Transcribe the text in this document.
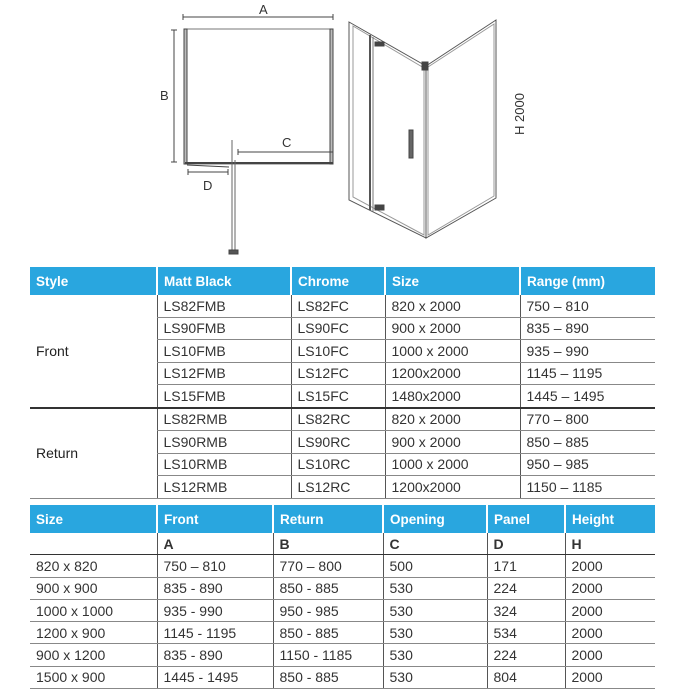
A
B
C
D
H 2000
Style	Matt Black	Chrome	Size	Range (mm)
Front	LS82FMB	LS82FC	820 x 2000	750 – 810
	LS90FMB	LS90FC	900 x 2000	835 – 890
	LS10FMB	LS10FC	1000 x 2000	935 – 990
	LS12FMB	LS12FC	1200x2000	1145 – 1195
	LS15FMB	LS15FC	1480x2000	1445 – 1495
Return	LS82RMB	LS82RC	820 x 2000	770 – 800
	LS90RMB	LS90RC	900 x 2000	850 – 885
	LS10RMB	LS10RC	1000 x 2000	950 – 985
	LS12RMB	LS12RC	1200x2000	1150 – 1185
Size	Front	Return	Opening	Panel	Height
	A	B	C	D	H
820 x 820	750 – 810	770 – 800	500	171	2000
900 x 900	835 - 890	850 - 885	530	224	2000
1000 x 1000	935 - 990	950 - 985	530	324	2000
1200 x 900	1145 - 1195	850 - 885	530	534	2000
900 x 1200	835 - 890	1150 - 1185	530	224	2000
1500 x 900	1445 - 1495	850 - 885	530	804	2000
